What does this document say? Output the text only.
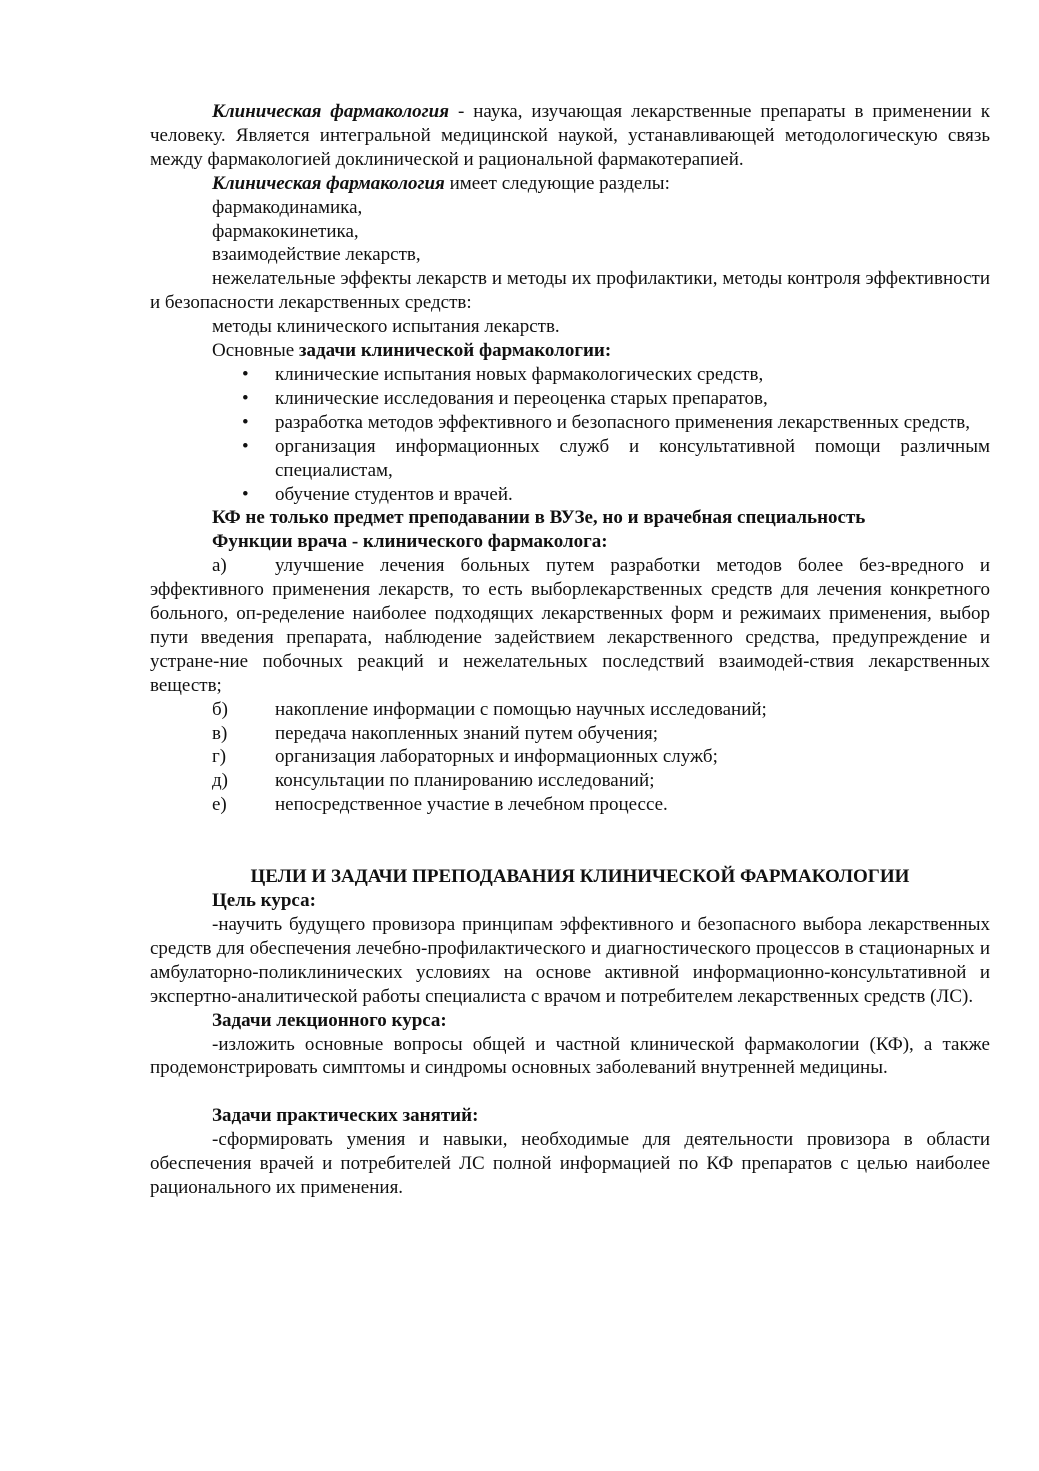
Клиническая фармакология - наука, изучающая лекарственные препараты в применении к человеку. Является интегральной медицинской наукой, устанавливающей методологическую связь между фармакологией доклинической и рациональной фармакотерапией.

Клиническая фармакология имеет следующие разделы:

фармакодинамика,

фармакокинетика,

взаимодействие лекарств,

нежелательные эффекты лекарств и методы их профилактики, методы контроля эффективности и безопасности лекарственных средств:

методы клинического испытания лекарств.

Основные задачи клинической фармакологии:

• клинические испытания новых фармакологических средств,
• клинические исследования и переоценка старых препаратов,
• разработка методов эффективного и безопасного применения лекарственных средств,
• организация информационных служб и консультативной помощи различным специалистам,
• обучение студентов и врачей.

КФ не только предмет преподавании в ВУЗе, но и врачебная специальность

Функции врача - клинического фармаколога:

а)	улучшение лечения больных путем разработки методов более без-вредного и эффективного применения лекарств, то есть выборлекарственных средств для лечения конкретного больного, оп-ределение наиболее подходящих лекарственных форм и режимаих применения, выбор пути введения препарата, наблюдение задействием лекарственного средства, предупреждение и устране-ние побочных реакций и нежелательных последствий взаимодей-ствия лекарственных веществ;

б) накопление информации с помощью научных исследований;
в)	передача накопленных знаний путем обучения;
г)	организация лабораторных и информационных служб;
д) консультации по планированию исследований;
е)	непосредственное участие в лечебном процессе.

ЦЕЛИ И ЗАДАЧИ ПРЕПОДАВАНИЯ КЛИНИЧЕСКОЙ ФАРМАКОЛОГИИ

Цель курса:

-научить будущего провизора принципам эффективного и безопасного выбора лекарственных средств для обеспечения лечебно-профилактического и диагностического процессов в стационарных и амбулаторно-поликлинических условиях на основе активной информационно-консультативной и экспертно-аналитической работы специалиста с врачом и потребителем лекарственных средств (ЛС).

Задачи лекционного курса:

-изложить основные вопросы общей и частной клинической фармакологии (КФ), а также продемонстрировать симптомы и синдромы основных заболеваний внутренней медицины.

Задачи практических занятий:

-сформировать умения и навыки, необходимые для деятельности провизора в области обеспечения врачей и потребителей ЛС полной информацией по КФ препаратов с целью наиболее рационального их применения.
